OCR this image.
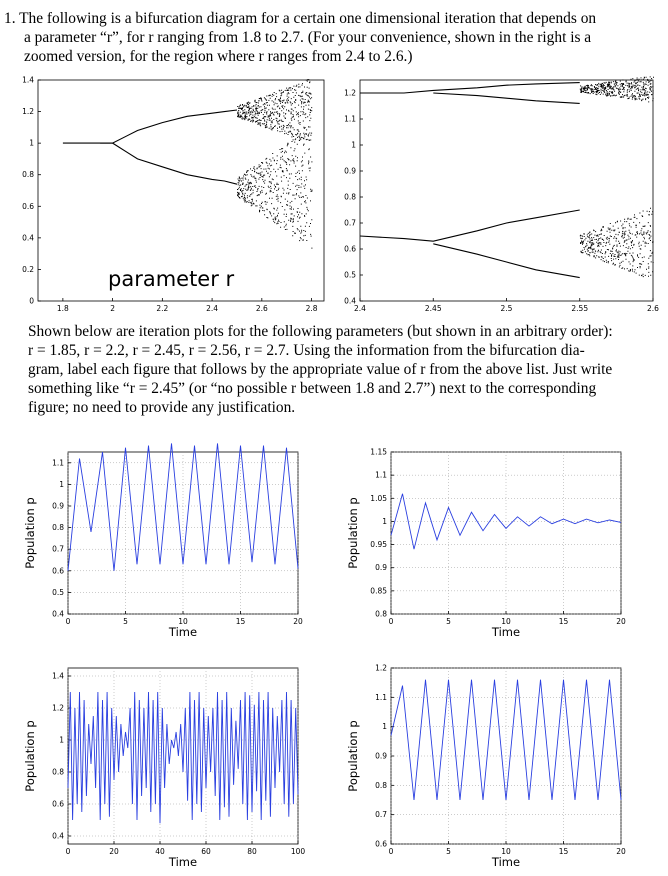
1. The following is a bifurcation diagram for a certain one dimensional iteration that depends on

a parameter “r”, for r ranging from 1.8 to 2.7. (For your convenience, shown in the right is a
zoomed version, for the region where r ranges from 2.4 to 2.6.)
0
0.2
0.4
0.6
0.8
1
1.2
1.4
1.8	2	2.2	2.4	2.6	2.8
parameter r
0.4
0.5
0.6
0.7
0.8
0.9
1
1.1
1.2
2.4	2.45	2.5	2.55	2.6
Shown below are iteration plots for the following parameters (but shown in an arbitrary order):
r = 1.85, r = 2.2, r = 2.45, r = 2.56, r = 2.7. Using the information from the bifurcation dia-
gram, label each figure that follows by the appropriate value of r from the above list. Just write
something like “r = 2.45” (or “no possible r between 1.8 and 2.7”) next to the corresponding
figure; no need to provide any justification.
0.4
0.5
0.6
0.7
0.8
0.9
1
1.1
0	5	10	15	20
Time
Population p
0.8
0.85
0.9
0.95
1
1.05
1.1
1.15
0	5	10	15	20
Time
Population p
0.4
0.6
0.8
1
1.2
1.4
0	20	40	60	80	100
Time
Population p
0.6
0.7
0.8
0.9
1
1.1
1.2
0	5	10	15	20
Time
Population p
